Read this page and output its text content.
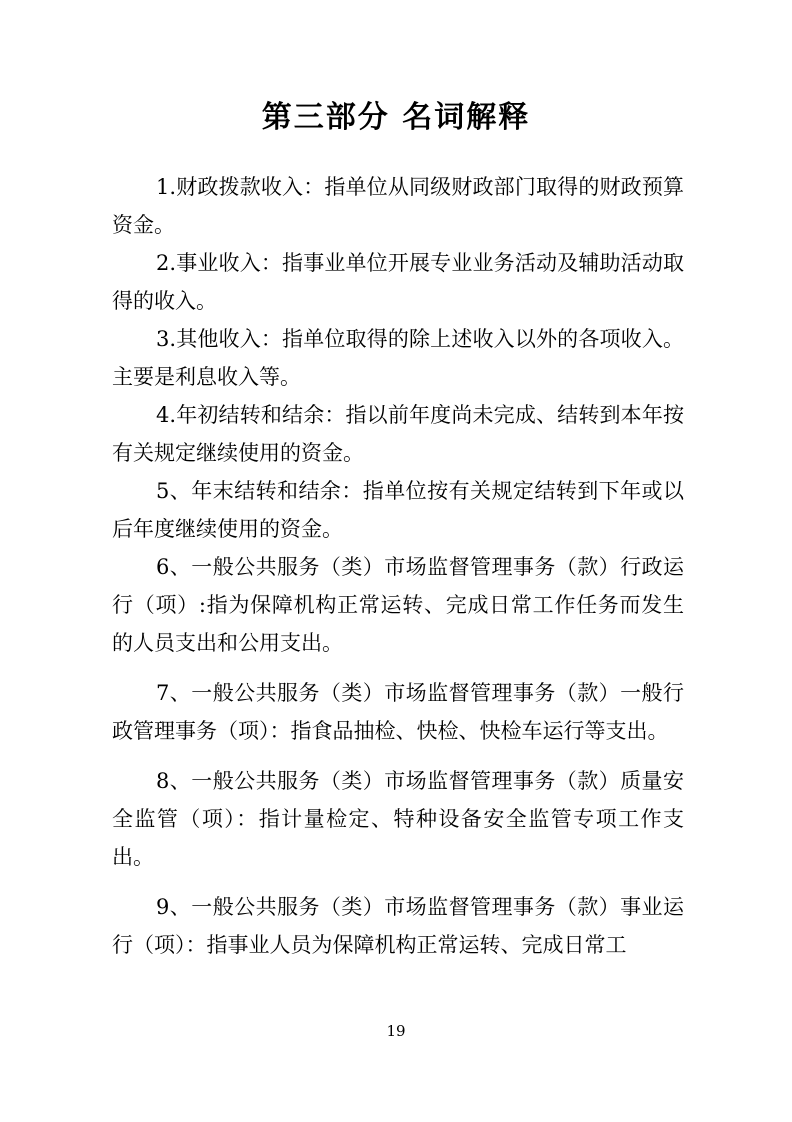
第三部分 名词解释

1.财政拨款收入：指单位从同级财政部门取得的财政预算资金。

2.事业收入：指事业单位开展专业业务活动及辅助活动取得的收入。

3.其他收入：指单位取得的除上述收入以外的各项收入。主要是利息收入等。

4.年初结转和结余：指以前年度尚未完成、结转到本年按有关规定继续使用的资金。

5、年末结转和结余：指单位按有关规定结转到下年或以后年度继续使用的资金。

6、一般公共服务（类）市场监督管理事务（款）行政运行（项）:指为保障机构正常运转、完成日常工作任务而发生的人员支出和公用支出。

7、一般公共服务（类）市场监督管理事务（款）一般行政管理事务（项）：指食品抽检、快检、快检车运行等支出。

8、一般公共服务（类）市场监督管理事务（款）质量安全监管（项）：指计量检定、特种设备安全监管专项工作支出。

9、一般公共服务（类）市场监督管理事务（款）事业运行（项）：指事业人员为保障机构正常运转、完成日常工

19
